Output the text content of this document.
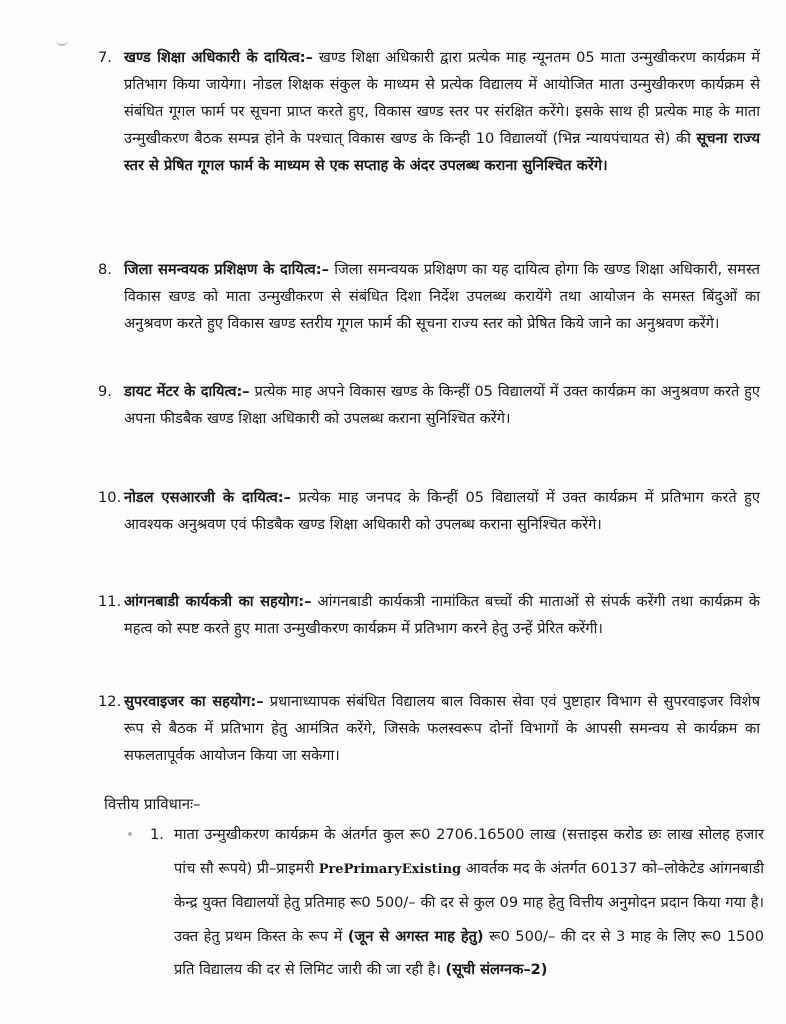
7. खण्ड शिक्षा अधिकारी के दायित्व:– खण्ड शिक्षा अधिकारी द्वारा प्रत्येक माह न्यूनतम 05 माता उन्मुखीकरण कार्यक्रम में प्रतिभाग किया जायेगा। नोडल शिक्षक संकुल के माध्यम से प्रत्येक विद्यालय में आयोजित माता उन्मुखीकरण कार्यक्रम से संबंधित गूगल फार्म पर सूचना प्राप्त करते हुए, विकास खण्ड स्तर पर संरक्षित करेंगे। इसके साथ ही प्रत्येक माह के माता उन्मुखीकरण बैठक सम्पन्न होने के पश्चात् विकास खण्ड के किन्ही 10 विद्यालयों (भिन्न न्यायपंचायत से) की सूचना राज्य स्तर से प्रेषित गूगल फार्म के माध्यम से एक सप्ताह के अंदर उपलब्ध कराना सुनिश्चित करेंगे।
8. जिला समन्वयक प्रशिक्षण के दायित्व:– जिला समन्वयक प्रशिक्षण का यह दायित्व होगा कि खण्ड शिक्षा अधिकारी, समस्त विकास खण्ड को माता उन्मुखीकरण से संबंधित दिशा निर्देश उपलब्ध करायेंगे तथा आयोजन के समस्त बिंदुओं का अनुश्रवण करते हुए विकास खण्ड स्तरीय गूगल फार्म की सूचना राज्य स्तर को प्रेषित किये जाने का अनुश्रवण करेंगे।
9. डायट मेंटर के दायित्व:– प्रत्येक माह अपने विकास खण्ड के किन्हीं 05 विद्यालयों में उक्त कार्यक्रम का अनुश्रवण करते हुए अपना फीडबैक खण्ड शिक्षा अधिकारी को उपलब्ध कराना सुनिश्चित करेंगे।
10. नोडल एसआरजी के दायित्व:– प्रत्येक माह जनपद के किन्हीं 05 विद्यालयों में उक्त कार्यक्रम में प्रतिभाग करते हुए आवश्यक अनुश्रवण एवं फीडबैक खण्ड शिक्षा अधिकारी को उपलब्ध कराना सुनिश्चित करेंगे।
11. आंगनबाडी कार्यकत्री का सहयोग:– आंगनबाडी कार्यकत्री नामांकित बच्चों की माताओं से संपर्क करेंगी तथा कार्यक्रम के महत्व को स्पष्ट करते हुए माता उन्मुखीकरण कार्यक्रम में प्रतिभाग करने हेतु उन्हें प्रेरित करेंगी।
12. सुपरवाइजर का सहयोग:– प्रधानाध्यापक संबंधित विद्यालय बाल विकास सेवा एवं पुष्टाहार विभाग से सुपरवाइजर विशेष रूप से बैठक में प्रतिभाग हेतु आमंत्रित करेंगे, जिसके फलस्वरूप दोनों विभागों के आपसी समन्वय से कार्यक्रम का सफलतापूर्वक आयोजन किया जा सकेगा।
वित्तीय प्राविधानः–
1. माता उन्मुखीकरण कार्यक्रम के अंतर्गत कुल रू0 2706.16500 लाख (सत्ताइस करोड छः लाख सोलह हजार पांच सौ रूपये) प्री–प्राइमरी PrePrimaryExisting आवर्तक मद के अंतर्गत 60137 को–लोकेटेड आंगनबाडी केन्द्र युक्त विद्यालयों हेतु प्रतिमाह रू0 500/– की दर से कुल 09 माह हेतु वित्तीय अनुमोदन प्रदान किया गया है। उक्त हेतु प्रथम किस्त के रूप में (जून से अगस्त माह हेतु) रू0 500/– की दर से 3 माह के लिए रू0 1500 प्रति विद्यालय की दर से लिमिट जारी की जा रही है। (सूची संलग्नक–2)
